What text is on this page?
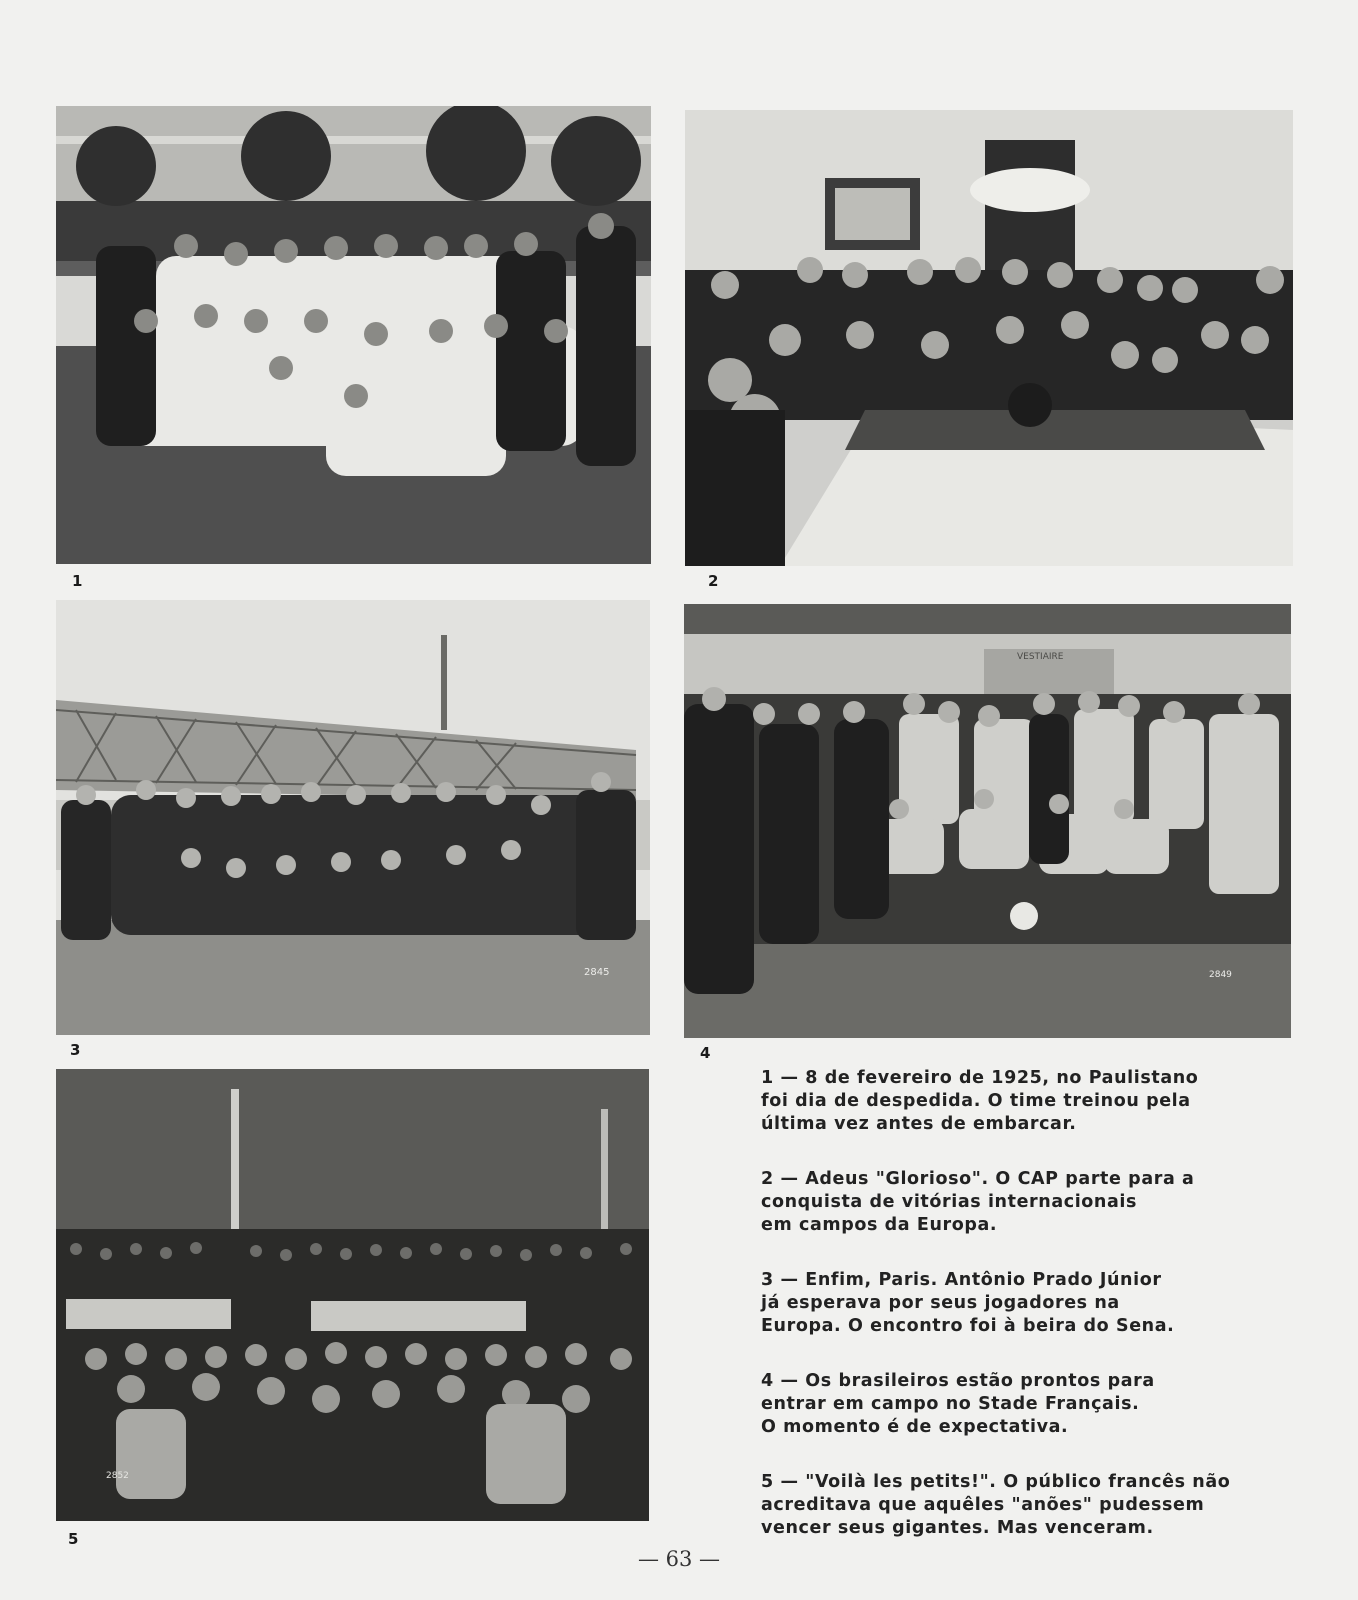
1	2
2845
3
VESTIAIRE
2849
4
2852
5

1 — 8 de fevereiro de 1925, no Paulistano
foi dia de despedida. O time treinou pela
última vez antes de embarcar.

2 — Adeus "Glorioso". O CAP parte para a
conquista de vitórias internacionais
em campos da Europa.

3 — Enfim, Paris. Antônio Prado Júnior
já esperava por seus jogadores na
Europa. O encontro foi à beira do Sena.

4 — Os brasileiros estão prontos para
entrar em campo no Stade Français.
O momento é de expectativa.

5 — "Voilà les petits!". O público francês não
acreditava que aquêles "anões" pudessem
vencer seus gigantes. Mas venceram.

— 63 —
